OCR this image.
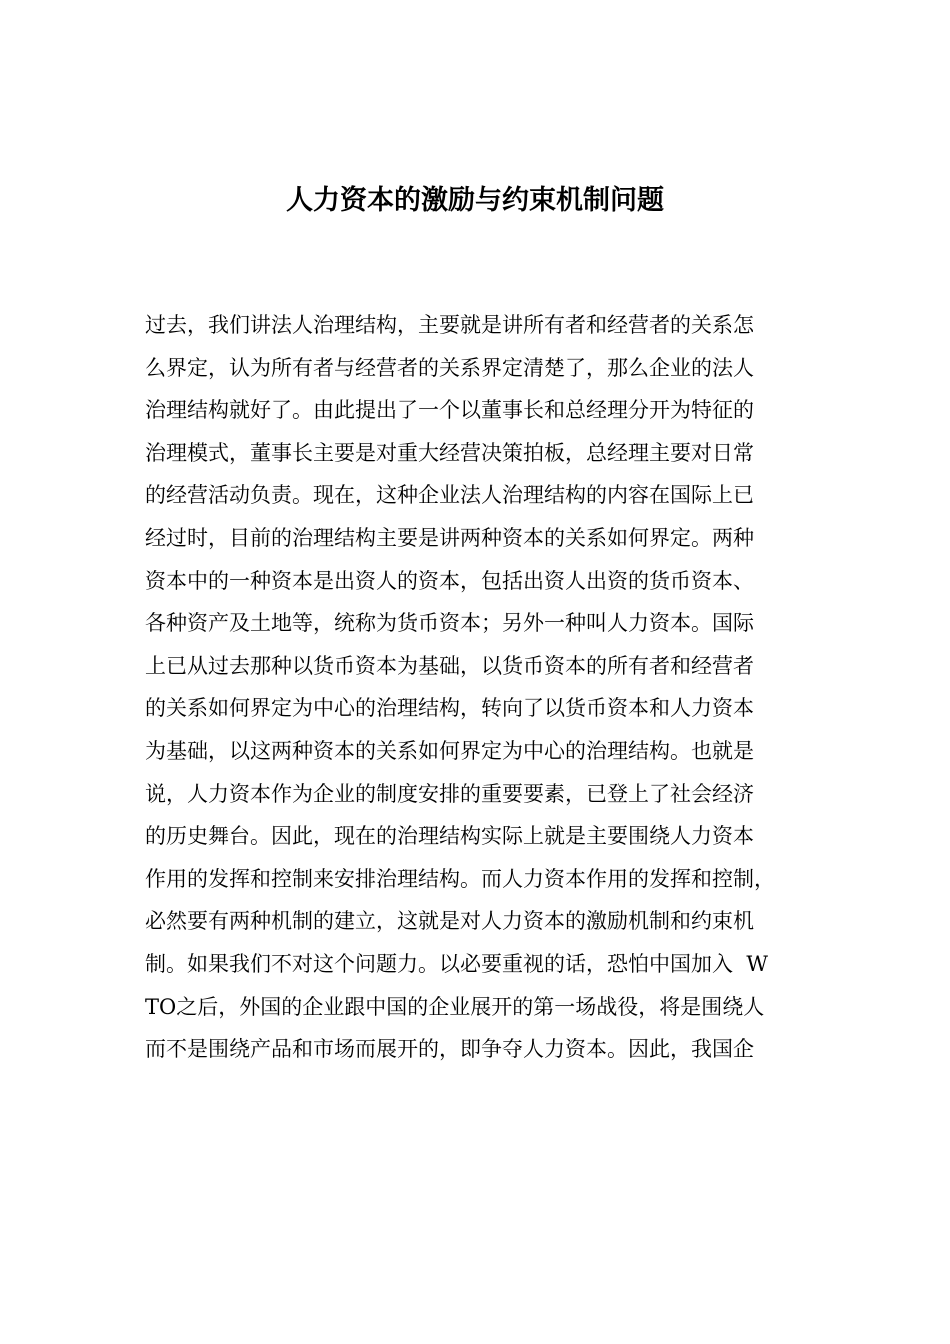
人力资本的激励与约束机制问题
过去，我们讲法人治理结构，主要就是讲所有者和经营者的关系怎
么界定，认为所有者与经营者的关系界定清楚了，那么企业的法人
治理结构就好了。由此提出了一个以董事长和总经理分开为特征的
治理模式，董事长主要是对重大经营决策拍板，总经理主要对日常
的经营活动负责。现在，这种企业法人治理结构的内容在国际上已
经过时，目前的治理结构主要是讲两种资本的关系如何界定。两种
资本中的一种资本是出资人的资本，包括出资人出资的货币资本、
各种资产及土地等，统称为货币资本；另外一种叫人力资本。国际
上已从过去那种以货币资本为基础，以货币资本的所有者和经营者
的关系如何界定为中心的治理结构，转向了以货币资本和人力资本
为基础，以这两种资本的关系如何界定为中心的治理结构。也就是
说，人力资本作为企业的制度安排的重要要素，已登上了社会经济
的历史舞台。因此，现在的治理结构实际上就是主要围绕人力资本
作用的发挥和控制来安排治理结构。而人力资本作用的发挥和控制，
必然要有两种机制的建立，这就是对人力资本的激励机制和约束机
制。如果我们不对这个问题力。以必要重视的话，恐怕中国加入  W
TO之后，外国的企业跟中国的企业展开的第一场战役，将是围绕人
而不是围绕产品和市场而展开的，即争夺人力资本。因此，我国企
